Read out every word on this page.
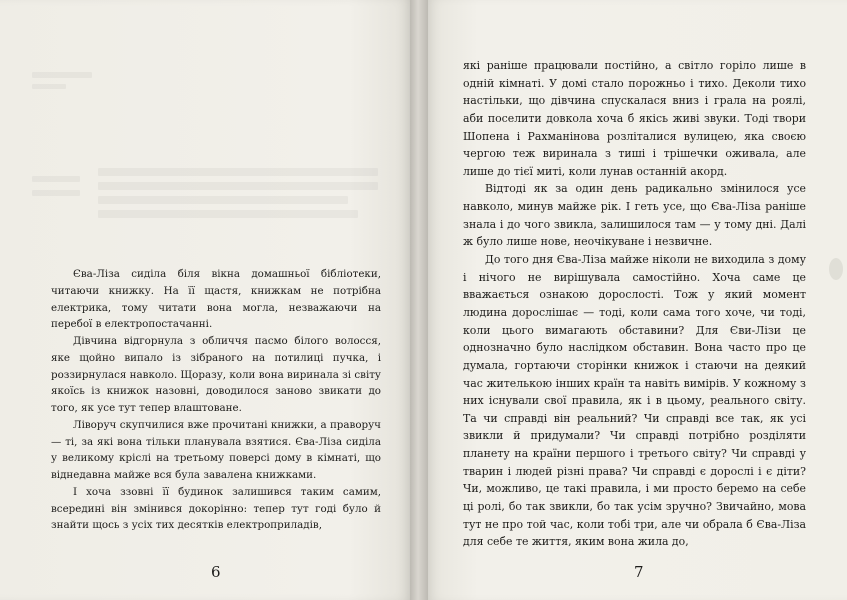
Єва-Ліза сиділа біля вікна домашньої бібліотеки, читаючи книжку. На її щастя, книжкам не потрібна електрика, тому читати вона могла, незважаючи на перебої в електропостачанні.

Дівчина відгорнула з обличчя пасмо білого волосся, яке щойно випало із зібраного на потилиці пучка, і роззирнулася навколо. Щоразу, коли вона виринала зі світу якоїсь із книжок назовні, доводилося заново звикати до того, як усе тут тепер влаштоване.

Ліворуч скупчилися вже прочитані книжки, а праворуч — ті, за які вона тільки планувала взятися. Єва-Ліза сиділа у великому кріслі на третьому поверсі дому в кімнаті, що віднедавна майже вся була завалена книжками.

І хоча ззовні її будинок залишився таким самим, всередині він змінився докорінно: тепер тут годі було й знайти щось з усіх тих десятків електроприладів,

6

які раніше працювали постійно, а світло горіло лише в одній кімнаті. У домі стало порожньо і тихо. Деколи тихо настільки, що дівчина спускалася вниз і грала на роялі, аби поселити довкола хоча б якісь живі звуки. Тоді твори Шопена і Рахманінова розліталися вулицею, яка своєю чергою теж виринала з тиші і трішечки оживала, але лише до тієї миті, коли лунав останній акорд.

Відтоді як за один день радикально змінилося усе навколо, минув майже рік. І геть усе, що Єва-Ліза раніше знала і до чого звикла, залишилося там — у тому дні. Далі ж було лише нове, неочікуване і незвичне.

До того дня Єва-Ліза майже ніколи не виходила з дому і нічого не вирішувала самостійно. Хоча саме це вважається ознакою дорослості. Тож у який момент людина дорослішає — тоді, коли сама того хоче, чи тоді, коли цього вимагають обставини? Для Єви-Лізи це однозначно було наслідком обставин. Вона часто про це думала, гортаючи сторінки книжок і стаючи на деякий час жителькою інших країн та навіть вимірів. У кожному з них існували свої правила, як і в цьому, реального світу. Та чи справді він реальний? Чи справді все так, як усі звикли й придумали? Чи справді потрібно розділяти планету на країни першого і третього світу? Чи справді у тварин і людей різні права? Чи справді є дорослі і є діти? Чи, можливо, це такі правила, і ми просто беремо на себе ці ролі, бо так звикли, бо так усім зручно? Звичайно, мова тут не про той час, коли тобі три, але чи обрала б Єва-Ліза для себе те життя, яким вона жила до,

7
